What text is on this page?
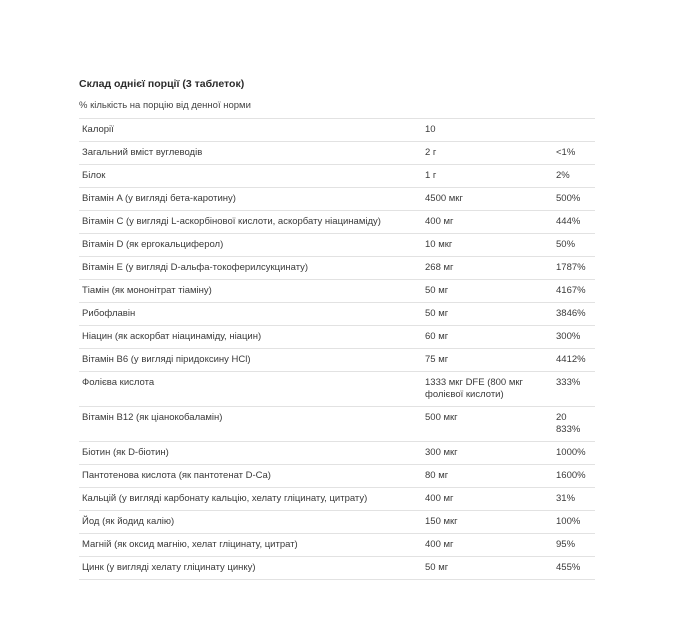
Склад однієї порції (3 таблеток)
% кількість на порцію від денної норми
Калорії	10	
Загальний вміст вуглеводів	2 г	<1%
Білок	1 г	2%
Вітамін A (у вигляді бета-каротину)	4500 мкг	500%
Вітамін C (у вигляді L-аскорбінової кислоти, аскорбату ніацинаміду)	400 мг	444%
Вітамін D (як ергокальциферол)	10 мкг	50%
Вітамін E (у вигляді D-альфа-токоферилсукцинату)	268 мг	1787%
Тіамін (як мононітрат тіаміну)	50 мг	4167%
Рибофлавін	50 мг	3846%
Ніацин (як аскорбат ніацинаміду, ніацин)	60 мг	300%
Вітамін B6 (у вигляді піридоксину HCl)	75 мг	4412%
Фолієва кислота	1333 мкг DFE (800 мкг фолієвої кислоти)	333%
Вітамін B12 (як ціанокобаламін)	500 мкг	20 833%
Біотин (як D-біотин)	300 мкг	1000%
Пантотенова кислота (як пантотенат D-Ca)	80 мг	1600%
Кальцій (у вигляді карбонату кальцію, хелату гліцинату, цитрату)	400 мг	31%
Йод (як йодид калію)	150 мкг	100%
Магній (як оксид магнію, хелат гліцинату, цитрат)	400 мг	95%
Цинк (у вигляді хелату гліцинату цинку)	50 мг	455%
